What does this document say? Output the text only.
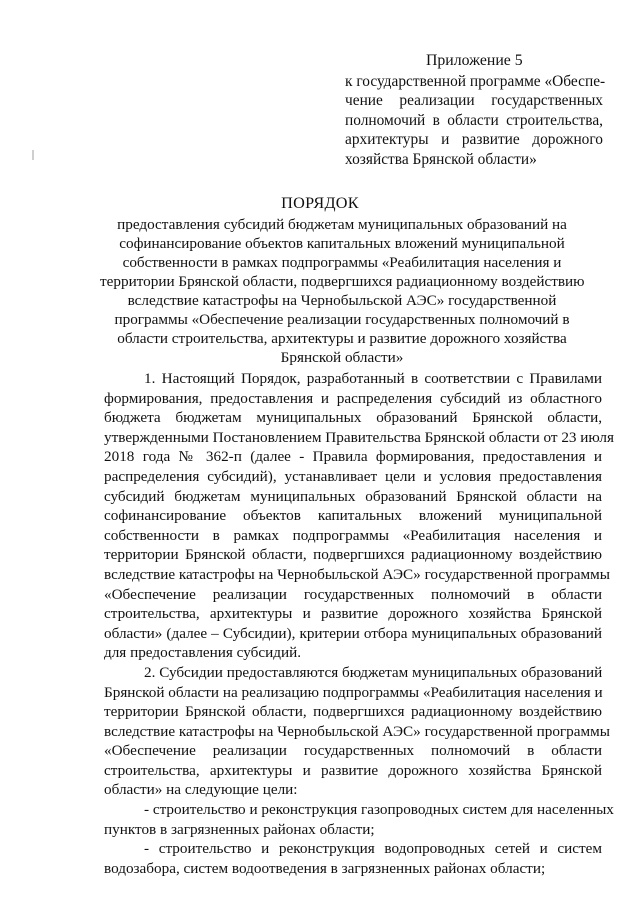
Приложение 5
к государственной программе «Обеспе-
чение реализации государственных
полномочий в области строительства,
архитектуры и развитие дорожного
хозяйства Брянской области»
ПОРЯДОК
предоставления субсидий бюджетам муниципальных образований на
софинансирование объектов капитальных вложений муниципальной
собственности в рамках подпрограммы «Реабилитация населения и
территории Брянской области, подвергшихся радиационному воздействию
вследствие катастрофы на Чернобыльской АЭС» государственной
программы «Обеспечение реализации государственных полномочий в
области строительства, архитектуры и развитие дорожного хозяйства
Брянской области»
1. Настоящий Порядок, разработанный в соответствии с Правилами
формирования, предоставления и распределения субсидий из областного
бюджета бюджетам муниципальных образований Брянской области,
утвержденными Постановлением Правительства Брянской области от 23 июля
2018 года № 362-п (далее - Правила формирования, предоставления и
распределения субсидий), устанавливает цели и условия предоставления
субсидий бюджетам муниципальных образований Брянской области на
софинансирование объектов капитальных вложений муниципальной
собственности в рамках подпрограммы «Реабилитация населения и
территории Брянской области, подвергшихся радиационному воздействию
вследствие катастрофы на Чернобыльской АЭС» государственной программы
«Обеспечение реализации государственных полномочий в области
строительства, архитектуры и развитие дорожного хозяйства Брянской
области» (далее – Субсидии), критерии отбора муниципальных образований
для предоставления субсидий.
2. Субсидии предоставляются бюджетам муниципальных образований
Брянской области на реализацию подпрограммы «Реабилитация населения и
территории Брянской области, подвергшихся радиационному воздействию
вследствие катастрофы на Чернобыльской АЭС» государственной программы
«Обеспечение реализации государственных полномочий в области
строительства, архитектуры и развитие дорожного хозяйства Брянской
области» на следующие цели:
- строительство и реконструкция газопроводных систем для населенных
пунктов в загрязненных районах области;
- строительство и реконструкция водопроводных сетей и систем
водозабора, систем водоотведения в загрязненных районах области;
